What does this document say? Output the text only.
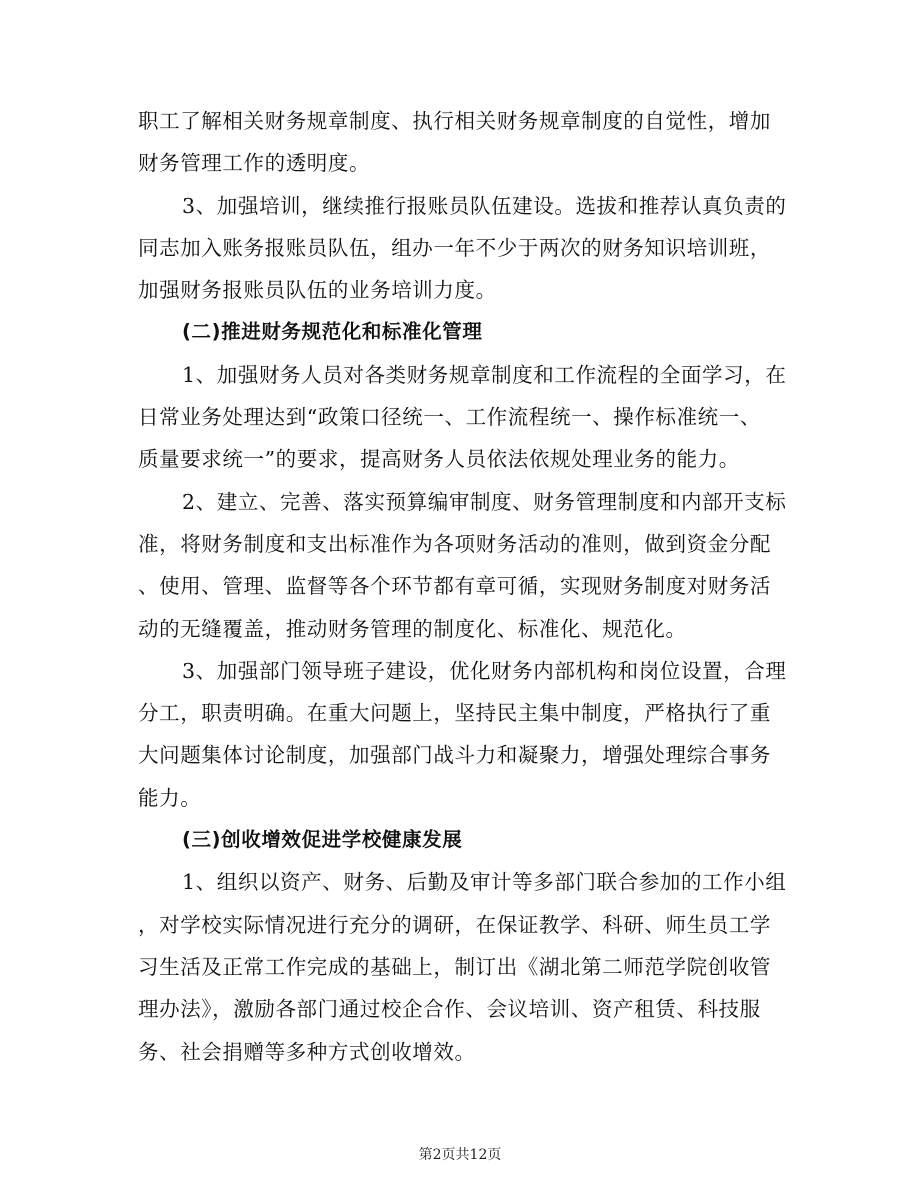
职工了解相关财务规章制度、执行相关财务规章制度的自觉性，增加
财务管理工作的透明度。
3、加强培训，继续推行报账员队伍建设。选拔和推荐认真负责的
同志加入账务报账员队伍，组办一年不少于两次的财务知识培训班，
加强财务报账员队伍的业务培训力度。
(二)推进财务规范化和标准化管理
1、加强财务人员对各类财务规章制度和工作流程的全面学习，在
日常业务处理达到“政策口径统一、工作流程统一、操作标准统一、
质量要求统一”的要求，提高财务人员依法依规处理业务的能力。
2、建立、完善、落实预算编审制度、财务管理制度和内部开支标
准，将财务制度和支出标准作为各项财务活动的准则，做到资金分配
、使用、管理、监督等各个环节都有章可循，实现财务制度对财务活
动的无缝覆盖，推动财务管理的制度化、标准化、规范化。
3、加强部门领导班子建设，优化财务内部机构和岗位设置，合理
分工，职责明确。在重大问题上，坚持民主集中制度，严格执行了重
大问题集体讨论制度，加强部门战斗力和凝聚力，增强处理综合事务
能力。
(三)创收增效促进学校健康发展
1、组织以资产、财务、后勤及审计等多部门联合参加的工作小组
，对学校实际情况进行充分的调研，在保证教学、科研、师生员工学
习生活及正常工作完成的基础上，制订出《湖北第二师范学院创收管
理办法》，激励各部门通过校企合作、会议培训、资产租赁、科技服
务、社会捐赠等多种方式创收增效。
第2页共12页
